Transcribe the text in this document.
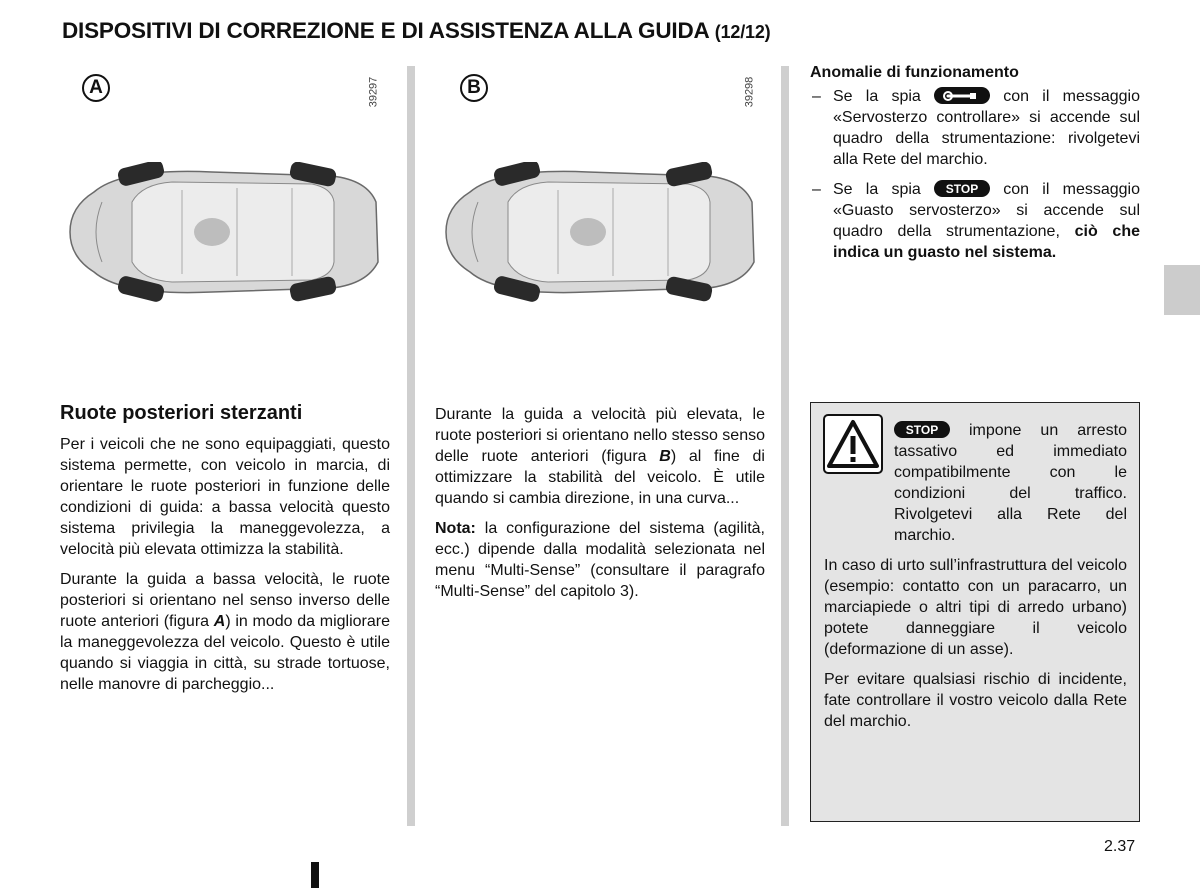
DISPOSITIVI DI CORREZIONE E DI ASSISTENZA ALLA GUIDA (12/12)
A	39297	B	39298
Ruote posteriori sterzanti

Per i veicoli che ne sono equipaggiati, questo sistema permette, con veicolo in marcia, di orientare le ruote posteriori in funzione delle condizioni di guida: a bassa velocità questo sistema privilegia la maneggevolezza, a velocità più elevata ottimizza la stabilità.

Durante la guida a bassa velocità, le ruote posteriori si orientano nel senso inverso delle ruote anteriori (figura A) in modo da migliorare la maneggevolezza del veicolo. Questo è utile quando si viaggia in città, su strade tortuose, nelle manovre di parcheggio...

Durante la guida a velocità più elevata, le ruote posteriori si orientano nello stesso senso delle ruote anteriori (figura B) al fine di ottimizzare la stabilità del veicolo. È utile quando si cambia direzione, in una curva...

Nota: la configurazione del sistema (agilità, ecc.) dipende dalla modalità selezionata nel menu “Multi-Sense” (consultare il paragrafo “Multi-Sense” del capitolo 3).

Anomalie di funzionamento
– Se la spia	con il messaggio «Servosterzo controllare» si accende sul quadro della strumentazione: rivolgetevi alla Rete del marchio.
– Se la spia STOP con il messaggio «Guasto servosterzo» si accende sul quadro della strumentazione, ciò che indica un guasto nel sistema.

STOP impone un arresto tassativo ed immediato compatibilmente con le condizioni del traffico. Rivolgetevi alla Rete del marchio.

In caso di urto sull’infrastruttura del veicolo (esempio: contatto con un paracarro, un marciapiede o altri tipi di arredo urbano) potete danneggiare il veicolo (deformazione di un asse).

Per evitare qualsiasi rischio di incidente, fate controllare il vostro veicolo dalla Rete del marchio.

2.37
